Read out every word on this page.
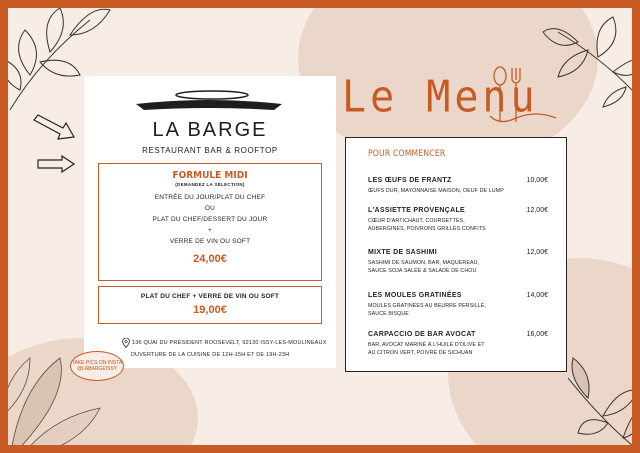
LA BARGE
RESTAURANT BAR & ROOFTOP
FORMULE MIDI
(DEMANDEZ LA SÉLECTION)
ENTRÉE DU JOUR/PLAT DU CHEF
OU
PLAT DU CHEF/DESSERT DU JOUR
+
VERRE DE VIN OU SOFT
24,00€
PLAT DU CHEF + VERRE DE VIN OU SOFT
19,00€
136 QUAI DU PRÉSIDENT ROOSEVELT, 92130 ISSY-LES-MOULINEAUX
OUVERTURE DE LA CUISINE DE 12H-15H ET DE 19H-23H
TAKE PICS ON INSTA
@LABARGEISSY
Le Menu
POUR COMMENCER
LES ŒUFS DE FRANTZ
ŒUFS DUR, MAYONNAISE MAISON, OEUF DE LUMP
10,00€
L'ASSIETTE PROVENÇALE
CŒUR D'ARTICHAUT, COURGETTES, AUBERGINES, POIVRONS GRILLÉS CONFITS
12,00€
MIXTE DE SASHIMI
SASHIMI DE SAUMON, BAR, MAQUEREAU, SAUCE SOJA SALÉE & SALADE DE CHOU
12,00€
LES MOULES GRATINÉES
MOULES GRATINÉES AU BEURRE PERSILLÉ, SAUCE BISQUE
14,00€
CARPACCIO DE BAR AVOCAT
BAR, AVOCAT MARINÉ À L'HUILE D'OLIVE ET AU CITRON VERT, POIVRE DE SICHUAN
16,00€
